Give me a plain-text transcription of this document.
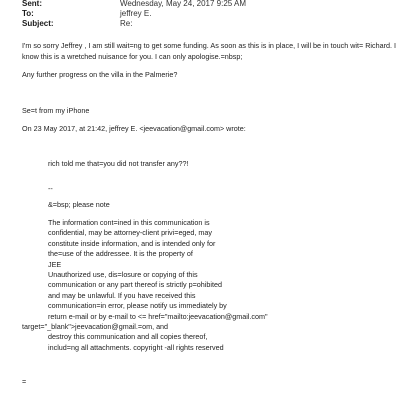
Sent:	Wednesday, May 24, 2017 9:25 AM
To:	jeffrey E.
Subject:	Re:
I'm so sorry Jeffrey , I am still wait=ng to get some funding. As soon as this is in place, I will be in touch wit= Richard. I
know this is a wretched nuisance for you. I can only apologise.=nbsp;
Any further progress on the villa in the Palmerie?
Se=t from my iPhone
On 23 May 2017, at 21:42, jeffrey E. <jeevacation@gmail.com> wrote:
rich told me that=you did not transfer any??!
--
&=bsp; please note
The information cont=ined in this communication is
confidential, may be attorney-client privi=eged, may
constitute inside information, and is intended only for
the=use of the addressee. It is the property of
JEE
Unauthorized use, dis=losure or copying of this
communication or any part thereof is strictly p=ohibited
and may be unlawful. If you have received this
communication=in error, please notify us immediately by
return e-mail or by e-mail to <= href="mailto:jeevacation@gmail.com"
target="_blank">jeevacation@gmail.=om, and
destroy this communication and all copies thereof,
includ=ng all attachments. copyright -all rights reserved
=
